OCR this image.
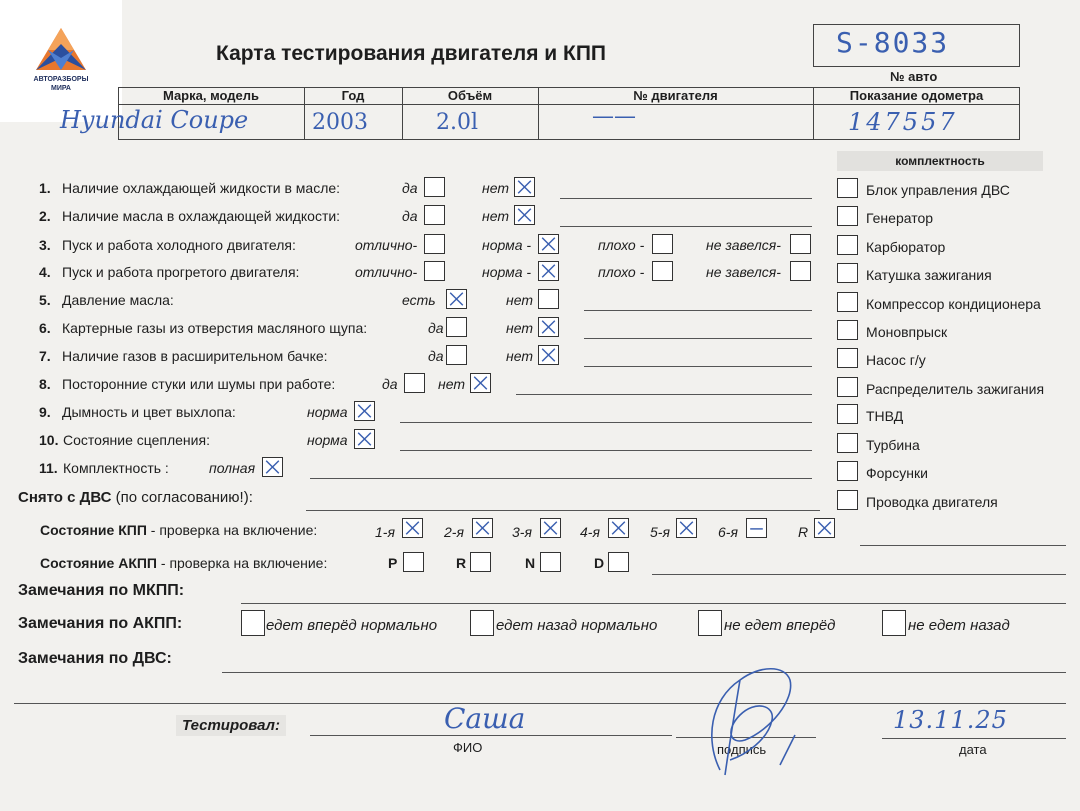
АВТОРАЗБОРЫ
МИРА
Карта тестирования двигателя и КПП	S-8033
№ авто
Марка, модель	Год	Объём	№ двигателя	Показание одометра
Hyundai Coupe	2003	2.0l	——	147557
комплектность
Блок управления ДВС
Генератор
Карбюратор
Катушка зажигания
Компрессор кондиционера
Моновпрыск
Насос г/у
Распределитель зажигания
ТНВД
Турбина
Форсунки
Проводка двигателя
1. Наличие охлаждающей жидкости в масле:	да	нет
2. Наличие масла в охлаждающей жидкости:	да	нет
3. Пуск и работа холодного двигателя:	отлично-	норма -	плохо -	не завелся-
4. Пуск и работа прогретого двигателя:	отлично-	норма -	плохо -	не завелся-
5. Давление масла:	есть	нет
6. Картерные газы из отверстия масляного щупа:	да	нет
7. Наличие газов в расширительном бачке:	да	нет
8. Посторонние стуки или шумы при работе:	да	нет
9. Дымность и цвет выхлопа:	норма
10. Состояние сцепления:	норма
11. Комплектность :	полная
Снято с ДВС (по согласованию!):
Состояние КПП - проверка на включение:	1-я	2-я	3-я	4-я	5-я	6-я	R
Состояние АКПП - проверка на включение:	P	R	N	D
Замечания по МКПП:
Замечания по АКПП:	едет вперёд нормально	едет назад нормально	не едет вперёд	не едет назад
Замечания по ДВС:
Тестировал:	Саша
ФИО	подпись
13.11.25
дата
